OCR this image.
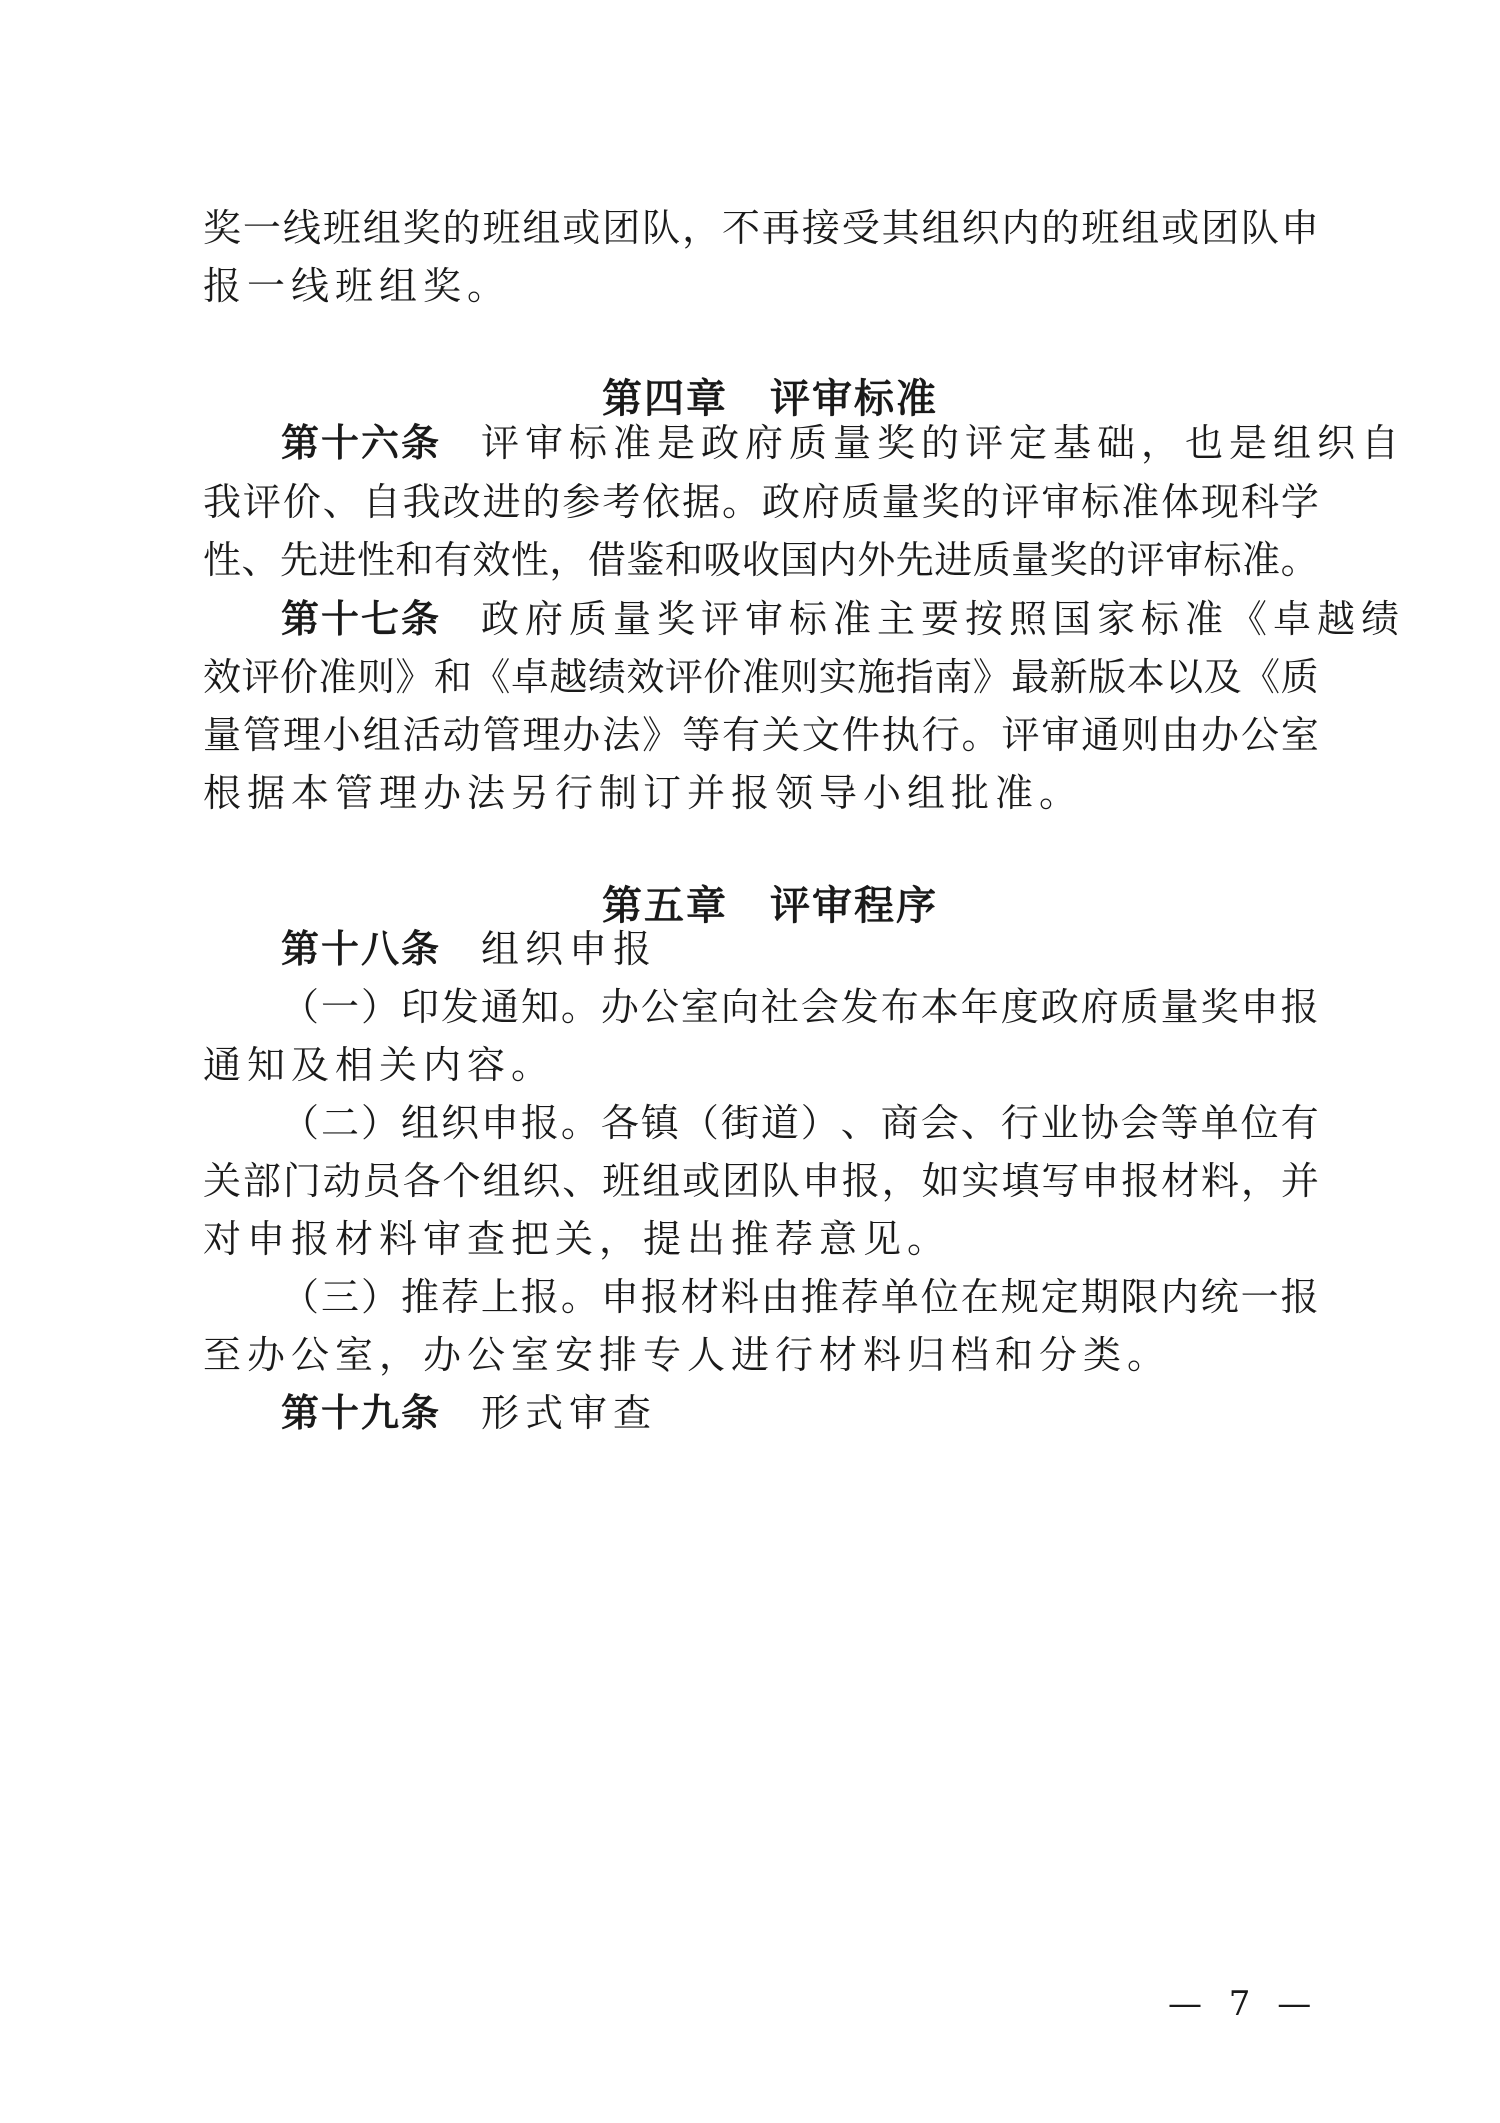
奖 一 线 班 组 奖 的 班 组 或 团 队 ， 不 再 接 受 其 组 织 内 的 班 组 或 团 队 申
报一线班组奖。
第四章　评审标准
第十六条 评审标准是政府质量奖的评定基础，也是组织自
我 评 价 、 自 我 改 进 的 参 考 依 据 。 政 府 质 量 奖 的 评 审 标 准 体 现 科 学
性 、 先 进 性 和 有 效 性 ， 借 鉴 和 吸 收 国 内 外 先 进 质 量 奖 的 评 审 标 准 。
第十七条 政府质量奖评审标准主要按照国家标准《卓越绩
效 评 价 准 则 》 和 《 卓 越 绩 效 评 价 准 则 实 施 指 南 》 最 新 版 本 以 及 《 质
量 管 理 小 组 活 动 管 理 办 法 》 等 有 关 文 件 执 行 。 评 审 通 则 由 办 公 室
根据本管理办法另行制订并报领导小组批准。
第五章　评审程序
第十八条 组织申报
（ 一 ） 印 发 通 知 。 办 公 室 向 社 会 发 布 本 年 度 政 府 质 量 奖 申 报
通知及相关内容。
（ 二 ） 组 织 申 报 。 各 镇 （ 街 道 ） 、 商 会 、 行 业 协 会 等 单 位 有
关 部 门 动 员 各 个 组 织 、 班 组 或 团 队 申 报 ， 如 实 填 写 申 报 材 料 ， 并
对申报材料审查把关，提出推荐意见。
（ 三 ） 推 荐 上 报 。 申 报 材 料 由 推 荐 单 位 在 规 定 期 限 内 统 一 报
至办公室，办公室安排专人进行材料归档和分类。
第十九条 形式审查
— 7 —
